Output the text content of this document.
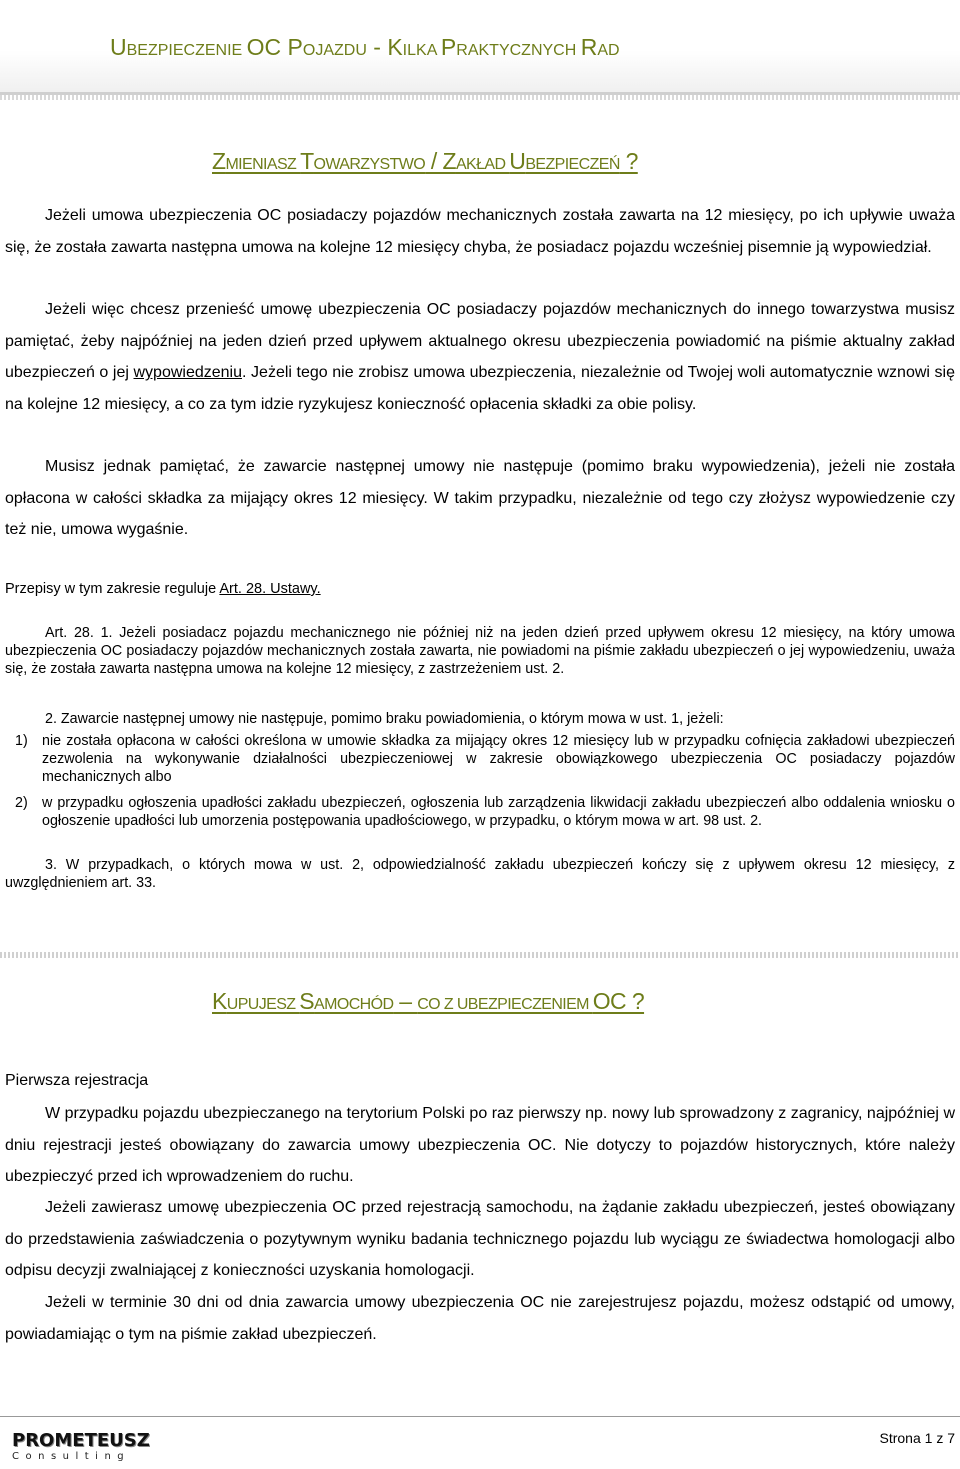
UBEZPIECZENIE OC POJAZDU - KILKA PRAKTYCZNYCH RAD
ZMIENIASZ TOWARZYSTWO / ZAKŁAD UBEZPIECZEŃ ?

Jeżeli umowa ubezpieczenia OC posiadaczy pojazdów mechanicznych została zawarta na 12 miesięcy, po ich upływie uważa się, że została zawarta następna umowa na kolejne 12 miesięcy chyba, że posiadacz pojazdu wcześniej pisemnie ją wypowiedział.

Jeżeli więc chcesz przenieść umowę ubezpieczenia OC posiadaczy pojazdów mechanicznych do innego towarzystwa musisz pamiętać, żeby najpóźniej na jeden dzień przed upływem aktualnego okresu ubezpieczenia powiadomić na piśmie aktualny zakład ubezpieczeń o jej wypowiedzeniu. Jeżeli tego nie zrobisz umowa ubezpieczenia, niezależnie od Twojej woli automatycznie wznowi się na kolejne 12 miesięcy, a co za tym idzie ryzykujesz konieczność opłacenia składki za obie polisy.

Musisz jednak pamiętać, że zawarcie następnej umowy nie następuje (pomimo braku wypowiedzenia), jeżeli nie została opłacona w całości składka za mijający okres 12 miesięcy. W takim przypadku, niezależnie od tego czy złożysz wypowiedzenie czy też nie, umowa wygaśnie.

Przepisy w tym zakresie reguluje Art. 28. Ustawy.

Art. 28. 1. Jeżeli posiadacz pojazdu mechanicznego nie później niż na jeden dzień przed upływem okresu 12 miesięcy, na który umowa ubezpieczenia OC posiadaczy pojazdów mechanicznych została zawarta, nie powiadomi na piśmie zakładu ubezpieczeń o jej wypowiedzeniu, uważa się, że została zawarta następna umowa na kolejne 12 miesięcy, z zastrzeżeniem ust. 2.

2. Zawarcie następnej umowy nie następuje, pomimo braku powiadomienia, o którym mowa w ust. 1, jeżeli:

1) nie została opłacona w całości określona w umowie składka za mijający okres 12 miesięcy lub w przypadku cofnięcia zakładowi ubezpieczeń zezwolenia na wykonywanie działalności ubezpieczeniowej w zakresie obowiązkowego ubezpieczenia OC posiadaczy pojazdów mechanicznych albo
2) w przypadku ogłoszenia upadłości zakładu ubezpieczeń, ogłoszenia lub zarządzenia likwidacji zakładu ubezpieczeń albo oddalenia wniosku o ogłoszenie upadłości lub umorzenia postępowania upadłościowego, w przypadku, o którym mowa w art. 98 ust. 2.

3. W przypadkach, o których mowa w ust. 2, odpowiedzialność zakładu ubezpieczeń kończy się z upływem okresu 12 miesięcy, z uwzględnieniem art. 33.

KUPUJESZ SAMOCHÓD – CO Z UBEZPIECZENIEM OC ?
Pierwsza rejestracja

W przypadku pojazdu ubezpieczanego na terytorium Polski po raz pierwszy np. nowy lub sprowadzony z zagranicy, najpóźniej w dniu rejestracji jesteś obowiązany do zawarcia umowy ubezpieczenia OC. Nie dotyczy to pojazdów historycznych, które należy ubezpieczyć przed ich wprowadzeniem do ruchu.

Jeżeli zawierasz umowę ubezpieczenia OC przed rejestracją samochodu, na żądanie zakładu ubezpieczeń, jesteś obowiązany do przedstawienia zaświadczenia o pozytywnym wyniku badania technicznego pojazdu lub wyciągu ze świadectwa homologacji albo odpisu decyzji zwalniającej z konieczności uzyskania homologacji.

Jeżeli w terminie 30 dni od dnia zawarcia umowy ubezpieczenia OC nie zarejestrujesz pojazdu, możesz odstąpić od umowy, powiadamiając o tym na piśmie zakład ubezpieczeń.

PROMETEUSZ
Consulting

Strona 1 z 7
